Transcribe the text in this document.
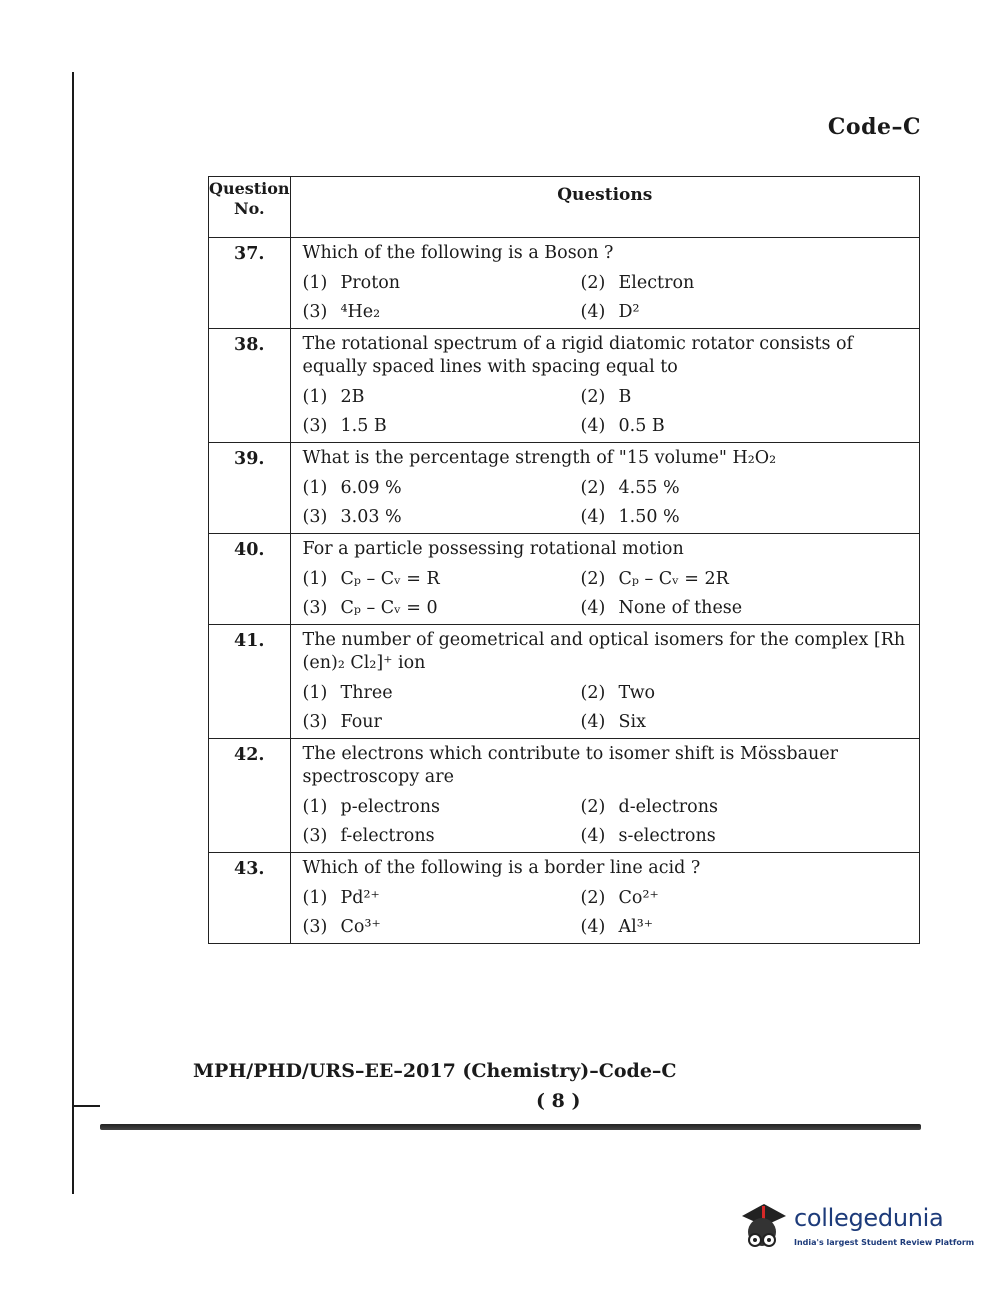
Code–C
Question No.	Questions
37.	Which of the following is a Boson ?
(1) Proton (2) Electron
(3) ⁴He₂ (4) D²

38.	The rotational spectrum of a rigid diatomic rotator consists of equally spaced lines with spacing equal to
(1) 2B (2) B
(3) 1.5 B (4) 0.5 B

39.	What is the percentage strength of "15 volume" H₂O₂
(1) 6.09 % (2) 4.55 %
(3) 3.03 % (4) 1.50 %

40.	For a particle possessing rotational motion
(1) Cₚ – Cᵥ = R (2) Cₚ – Cᵥ = 2R
(3) Cₚ – Cᵥ = 0 (4) None of these

41.	The number of geometrical and optical isomers for the complex [Rh (en)₂ Cl₂]⁺ ion
(1) Three (2) Two
(3) Four (4) Six

42.	The electrons which contribute to isomer shift is Mössbauer spectroscopy are
(1) p-electrons (2) d-electrons
(3) f-electrons (4) s-electrons

43.	Which of the following is a border line acid ?
(1) Pd²⁺ (2) Co²⁺
(3) Co³⁺ (4) Al³⁺
MPH/PHD/URS–EE–2017 (Chemistry)–Code–C
( 8 )
collegedunia
India's largest Student Review Platform
